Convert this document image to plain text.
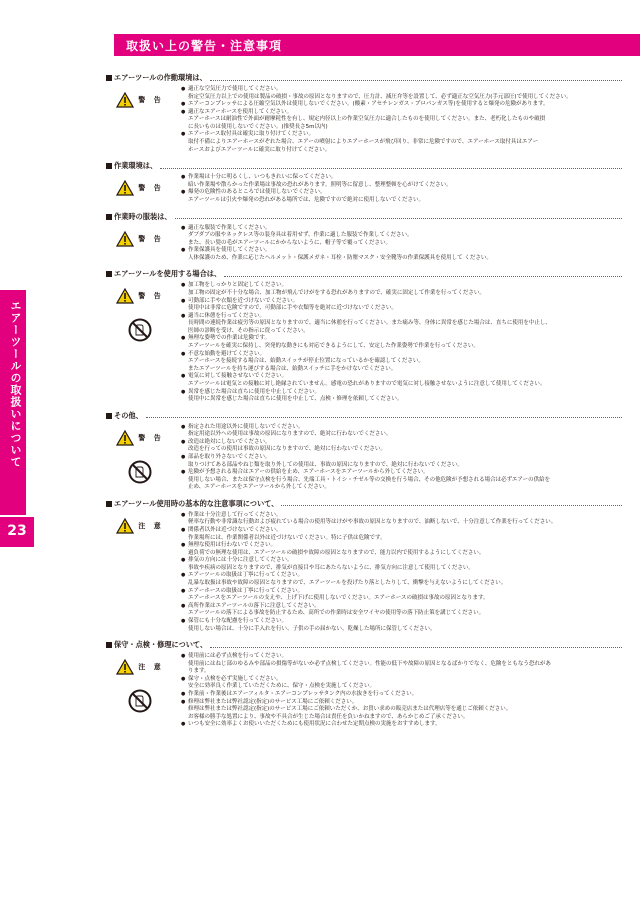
取扱い上の警告・注意事項
エアーツールの取扱いについて
23
エアーツールの作動環境は、
警 告
● 適正な空気圧力で使用してください。
指定空気圧力以上での使用は製品の破損・事故の原因となりますので、圧力計、減圧弁等を設置して、必ず適正な空気圧力(手元部圧)で使用してください。
● エアーコンプレッサによる圧縮空気以外は使用しないでください。(酸素・アセチレンガス・プロパンガス等)を使用すると爆発の危険があります。
● 適正なエアーホースを使用してください。
エアーホースは耐油性で外面が耐摩耗性を有し、規定内径以上の作業空気圧力に適合したものを使用してください。また、老朽化したものや破損
に長いものは使用しないでください。(推奨長さ5m以内)
● エアーホース取付具は確実に取り付けてください。
取付不備によりエアーホースがぞれた場合、エアーの噴射によりエアーホースが飛び回り、非常に危険ですので、エアーホース取付具はエアー
ホースおよびエアーツールに確実に取り付けてください。
作業環境は、
警 告
● 作業場は十分に明るくし、いつもきれいに保ってください。
暗い作業場や散らかった作業場は事故の恐れがあります。照明等に留意し、整理整頓を心がけてください。
● 爆発の危険性のあるところでは使用しないでください。
エアーツールは引火や爆発の恐れがある場所では、危険ですので絶対に使用しないでください。
作業時の服装は、
警 告
● 適正な服装で作業してください。
ダブダブの服やネックレス等の装身具は着用せず、作業に適した服装で作業してください。
また、長い髪の毛がエアーツールにかからないように、帽子等で覆ってください。
● 作業保護具を使用してください。
人体保護のため、作業に応じたヘルメット・保護メガネ・耳栓・防塵マスク・安全靴等の作業保護具を使用して ください。
エアーツールを使用する場合は、
警 告
● 加工物をしっかりと固定してください。
加工物の固定が不十分な場合、加工物が飛んでけがをする恐れがありますので、確実に固定して作業を行ってください。
● 可動部に手や衣類を近づけないでください。
使用中は非常に危険ですので、可動部に手や衣類等を絶対に近づけないでください。
● 適当に休憩を行ってください。
長時間の連続作業は疲労等の原因となりますので、適当に休憩を行ってください。また痛み等、身体に異常を感じた場合は、直ちに使用を中止し、
医師の診断を受け、その指示に従ってください。
● 無理な姿勢での作業は危険です。
エアーツールを確実に保持し、突発的な動きにも対応できるようにして、安定した作業姿勢で作業を行ってください。
● 不意な始動を避けてください。
エアーホースを接続する場合は、始動スイッチが停止位置になっているかを確認してください。
またエアーツールを持ち運びする場合は、始動スイッチに手をかけないでください。
● 電気に対して接触させないでください。
エアーツールは電気との接触に対し絶縁されていません。感電の恐れがありますので電気に対し接触させないように注意して使用してください。
● 異常を感じた場合は直ちに使用を中止してください。
使用中に異常を感じた場合は直ちに使用を中止して、点検・修理を依頼してください。
その他、
警 告
● 指定された用途以外に使用しないでください。
指定用途以外への使用は事故の原因になりますので、絶対に行わないでください。
● 改造は絶対にしないでください。
改造を行っての使用は事故の原因になりますので、絶対に行わないでください。
● 部品を取り外さないでください。
取りつけてある部品やねじ類を取り外しての使用は、事故の原因になりますので、絶対に行わないでください。
● 危険が予想される場合はエアーの供給を止め、エアーホースをエアーツールから外してください。
使用しない場合、または保守点検を行う場合、先端工具・トイシ・チゼル等の交換を行う場合、その他危険が予想される場合は必ずエアーの供給を
止め、エアーホースをエアーツールから外してください。
エアーツール使用時の基本的な注意事項について、
注 意
● 作業は十分注意して行ってください。
軽率な行動や非常識な行動および疲れている場合の使用等はけがや事故の原因となりますので、油断しないで、十分注意して作業を行ってください。
● 関係者以外は近づけないでください。
作業場所には、作業関係者以外は近づけないでください。特に子供は危険です。
● 無理な使用は行わないでください。
過負荷での無理な使用は、エアーツールの破損や故障の原因となりますので、能力以内で使用するようにしてください。
● 排気の方向には十分に注意してください。
事故や疾病の原因となりますので、排気が直接目や耳にあたらないように、排気方向に注意して使用してください。
● エアーツールの取扱は丁寧に行ってください。
乱暴な取扱は事故や故障の原因となりますので、エアーツールを投げたり落としたりして、衝撃を与えないようにしてください。
● エアーホースの取扱は丁寧に行ってください。
エアーホースをエアーツールの支えや、上げ下げに使用しないでください。エアーホースの破損は事故の原因となります。
● 高所作業はエアーツールの落下に注意してください。
エアーツールの落下による事故を防止するため、高所での作業時は安全ワイヤの使用等の落下防止策を講じてください。
● 保管にも十分な配慮を行ってください。
使用しない場合は、十分に手入れを行い、子供の手の届かない、乾燥した場所に保管してください。
保守・点検・修理について、
注 意
● 使用前には必ず点検を行ってください。
使用前にはねじ部のゆるみや部品の損傷等がないか必ず点検してください。性能の低下や故障の原因となるばかりでなく、危険をともなう恐れがあ
ります。
● 保守・点検を必ず実施してください。
安全に効率良く作業していただくために、保守・点検を実施してください。
● 作業前・作業後はエアーフィルタ・エアーコンプレッサタンク内の水抜きを行ってください。
● 修理は弊社または弊社認定(指定)のサービス工場にご依頼ください。
修理は弊社または弊社認定(指定)のサービス工場にご依頼いただくか、お買い求めの販売店または代理店等を通じご依頼ください。
お客様の勝手な処置により、事故や不具合が生じた場合は責任を負いかねますので、あらかじめご了承ください。
● いつも安全に効率よくお使いいただくためにも使用状況に合わせた定期点検の実施をおすすめします。
